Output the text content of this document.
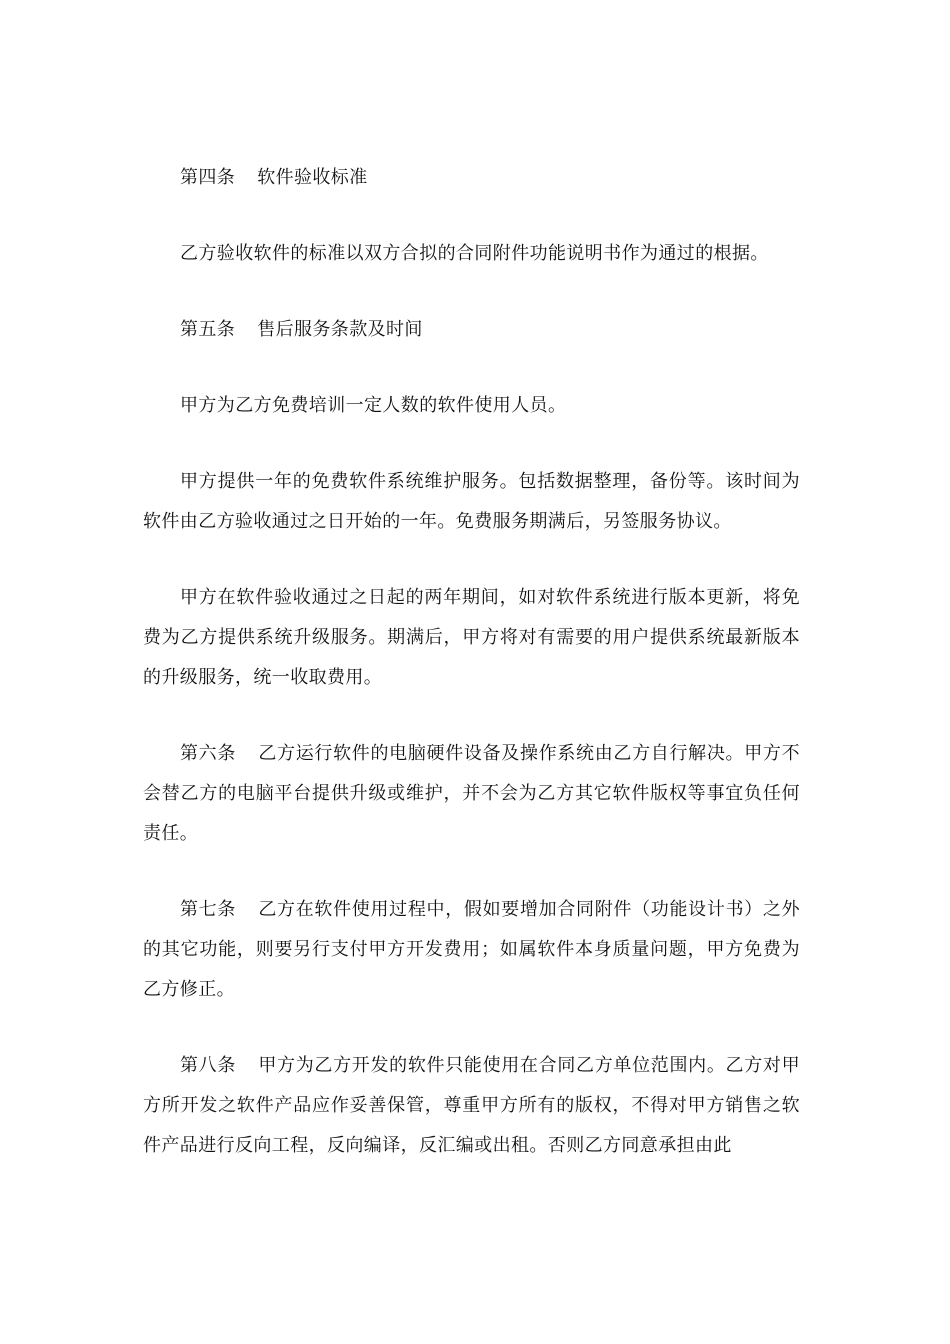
第四条 软件验收标准

乙方验收软件的标准以双方合拟的合同附件功能说明书作为通过的根据。

第五条 售后服务条款及时间

甲方为乙方免费培训一定人数的软件使用人员。

甲方提供一年的免费软件系统维护服务。包括数据整理，备份等。该时间为软件由乙方验收通过之日开始的一年。免费服务期满后，另签服务协议。

甲方在软件验收通过之日起的两年期间，如对软件系统进行版本更新，将免费为乙方提供系统升级服务。期满后，甲方将对有需要的用户提供系统最新版本的升级服务，统一收取费用。

第六条 乙方运行软件的电脑硬件设备及操作系统由乙方自行解决。甲方不会替乙方的电脑平台提供升级或维护，并不会为乙方其它软件版权等事宜负任何责任。

第七条 乙方在软件使用过程中，假如要增加合同附件（功能设计书）之外的其它功能，则要另行支付甲方开发费用；如属软件本身质量问题，甲方免费为乙方修正。

第八条 甲方为乙方开发的软件只能使用在合同乙方单位范围内。乙方对甲方所开发之软件产品应作妥善保管，尊重甲方所有的版权，不得对甲方销售之软件产品进行反向工程，反向编译，反汇编或出租。否则乙方同意承担由此
